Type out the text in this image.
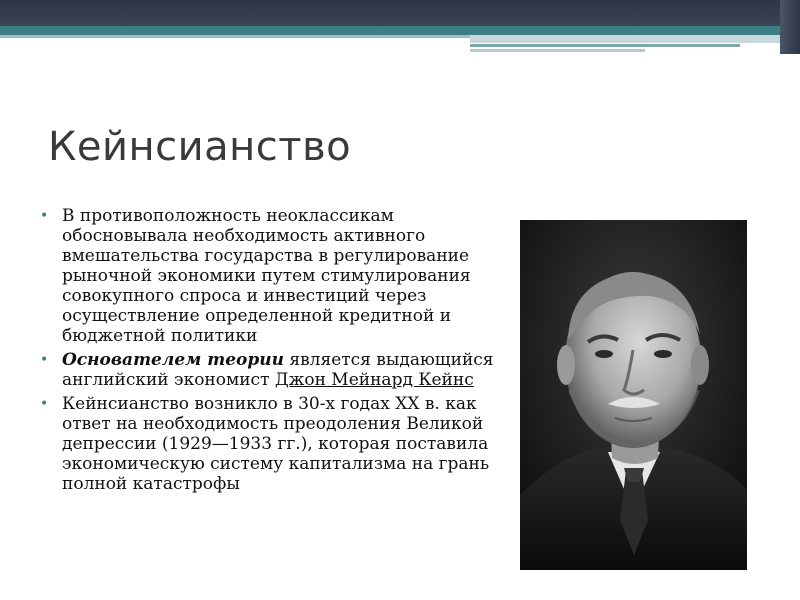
Кейнсианство
• В противоположность неоклассикам обосновывала необходимость активного вмешательства государства в регулирование рыночной экономики путем стимулирования совокупного спроса и инвестиций через осуществление определенной кредитной и бюджетной политики
• Основателем теории является выдающийся английский экономист Джон Мейнард Кейнс
• Кейнсианство возникло в 30-х годах XX в. как ответ на необходимость преодоления Великой депрессии (1929—1933 гг.), которая поставила экономическую систему капитализма на грань полной катастрофы
